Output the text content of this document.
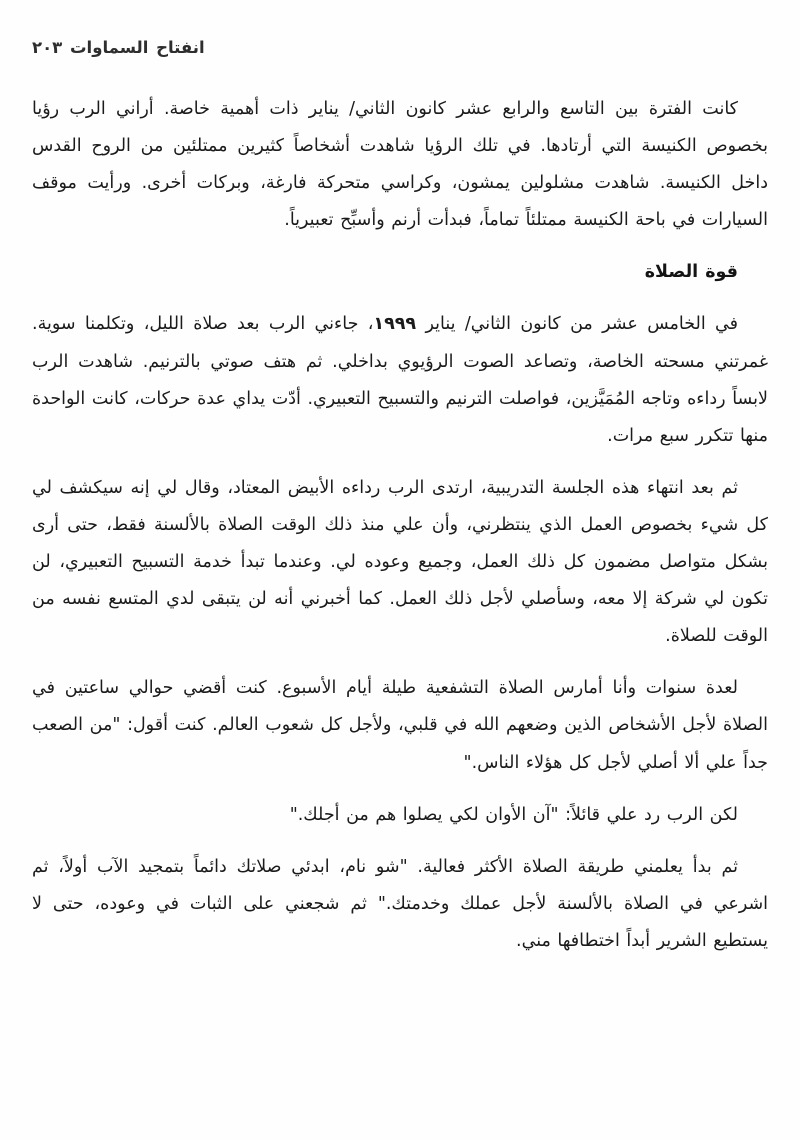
انفتاح السماوات ٢٠٣

كانت الفترة بين التاسع والرابع عشر كانون الثاني/ يناير ذات أهمية خاصة. أراني الرب رؤيا بخصوص الكنيسة التي أرتادها. في تلك الرؤيا شاهدت أشخاصاً كثيرين ممتلئين من الروح القدس داخل الكنيسة. شاهدت مشلولين يمشون، وكراسي متحركة فارغة، وبركات أخرى. ورأيت موقف السيارات في باحة الكنيسة ممتلئاً تماماً، فبدأت أرنم وأسبِّح تعبيرياً.

قوة الصلاة

في الخامس عشر من كانون الثاني/ يناير ١٩٩٩، جاءني الرب بعد صلاة الليل، وتكلمنا سوية. غمرتني مسحته الخاصة، وتصاعد الصوت الرؤيوي بداخلي. ثم هتف صوتي بالترنيم. شاهدت الرب لابساً رداءه وتاجه المُمَيَّزين، فواصلت الترنيم والتسبيح التعبيري. أدّت يداي عدة حركات، كانت الواحدة منها تتكرر سبع مرات.

ثم بعد انتهاء هذه الجلسة التدريبية، ارتدى الرب رداءه الأبيض المعتاد، وقال لي إنه سيكشف لي كل شيء بخصوص العمل الذي ينتظرني، وأن علي منذ ذلك الوقت الصلاة بالألسنة فقط، حتى أرى بشكل متواصل مضمون كل ذلك العمل، وجميع وعوده لي. وعندما تبدأ خدمة التسبيح التعبيري، لن تكون لي شركة إلا معه، وسأصلي لأجل ذلك العمل. كما أخبرني أنه لن يتبقى لدي المتسع نفسه من الوقت للصلاة.

لعدة سنوات وأنا أمارس الصلاة التشفعية طيلة أيام الأسبوع. كنت أقضي حوالي ساعتين في الصلاة لأجل الأشخاص الذين وضعهم الله في قلبي، ولأجل كل شعوب العالم. كنت أقول: "من الصعب جداً علي ألا أصلي لأجل كل هؤلاء الناس."

لكن الرب رد علي قائلاً: "آن الأوان لكي يصلوا هم من أجلك."

ثم بدأ يعلمني طريقة الصلاة الأكثر فعالية. "شو نام، ابدئي صلاتك دائماً بتمجيد الآب أولاً، ثم اشرعي في الصلاة بالألسنة لأجل عملك وخدمتك." ثم شجعني على الثبات في وعوده، حتى لا يستطيع الشرير أبداً اختطافها مني.
